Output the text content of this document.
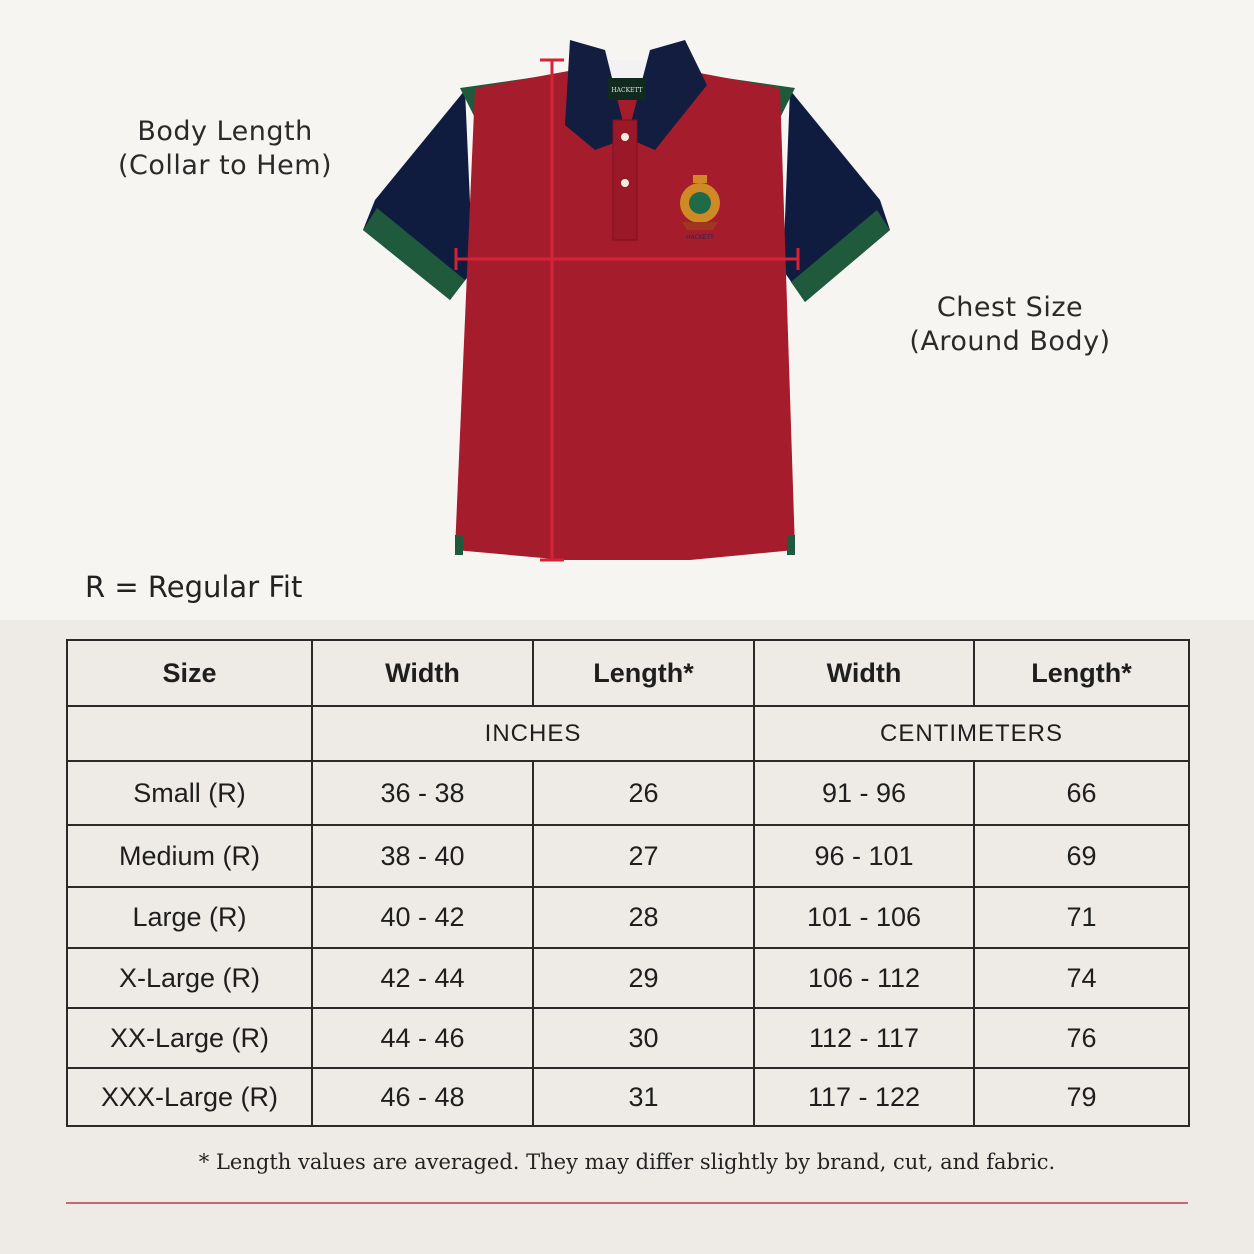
HACKETT
HACKETT
Body Length
(Collar to Hem)
Chest Size
(Around Body)
R = Regular Fit
Size	Width	Length*	Width	Length*
	INCHES		CENTIMETERS	
Small (R)	36 - 38	26	91 - 96	66
Medium (R)	38 - 40	27	96 - 101	69
Large (R)	40 - 42	28	101 - 106	71
X-Large (R)	42 - 44	29	106 - 112	74
XX-Large (R)	44 - 46	30	112 - 117	76
XXX-Large (R)	46 - 48	31	117 - 122	79
* Length values are averaged. They may differ slightly by brand, cut, and fabric.
